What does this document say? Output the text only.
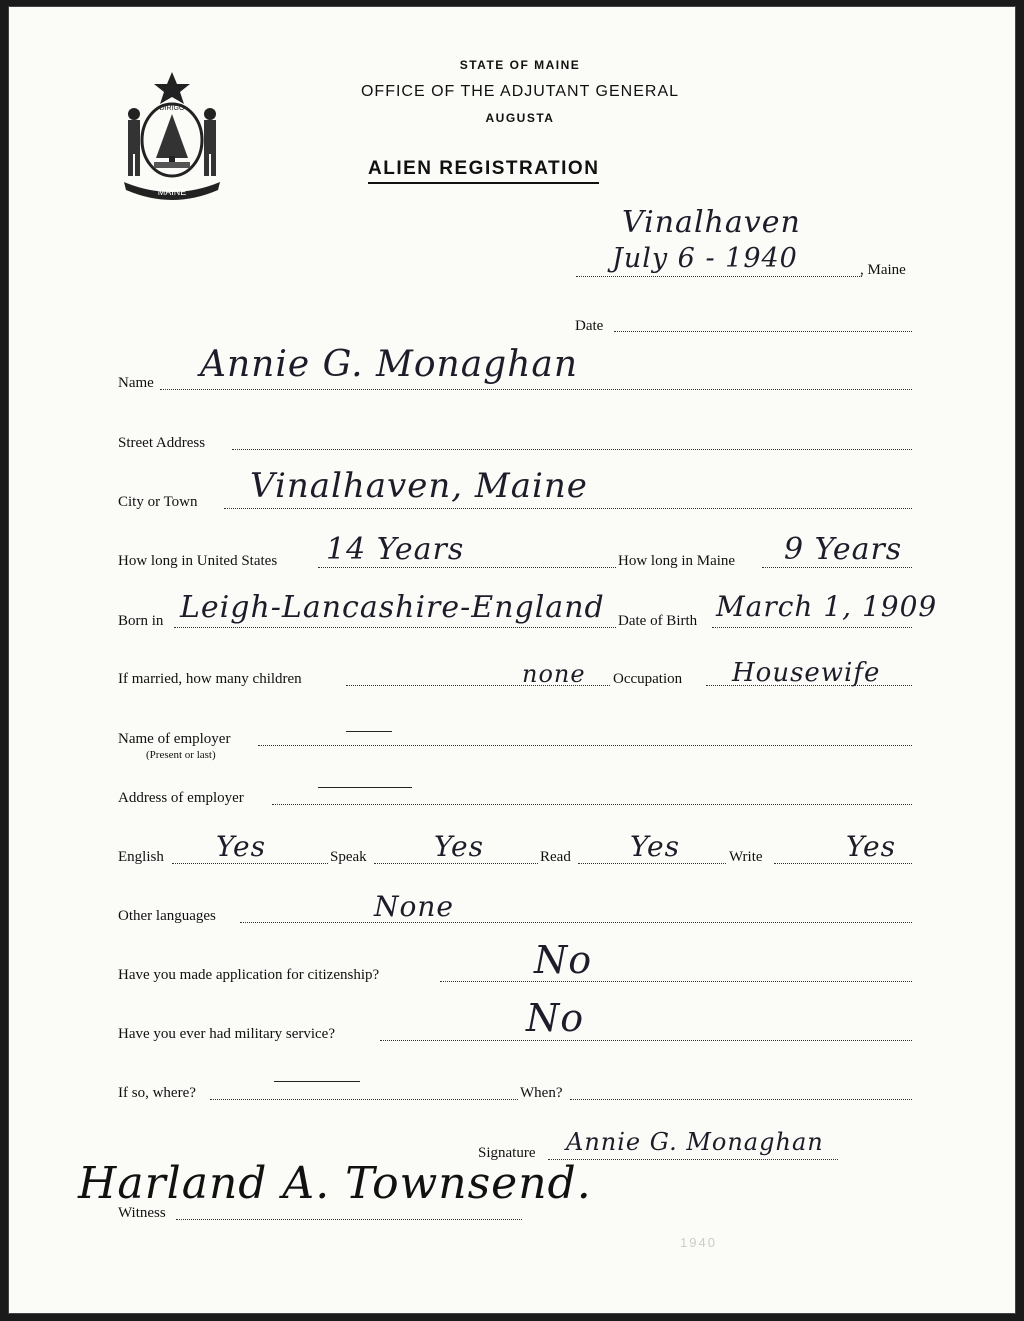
MAINE
DIRIGO
STATE OF MAINE
OFFICE OF THE ADJUTANT GENERAL
AUGUSTA
ALIEN REGISTRATION
Vinalhaven
July 6 - 1940	, Maine
Date
Name Annie G. Monaghan
Street Address
City or Town Vinalhaven, Maine
How long in United States 14 Years	How long in Maine 9 Years
Born in Leigh-Lancashire-England Date of Birth March 1, 1909
If married, how many children	none Occupation Housewife
Name of employer
(Present or last)
Address of employer
English Yes	Speak Yes	Read Yes	Write	Yes
Other languages	None
Have you made application for citizenship?	No
Have you ever had military service?	No
If so, where?	When?
Signature Annie G. Monaghan
Witness
Harland A. Townsend.
1940
